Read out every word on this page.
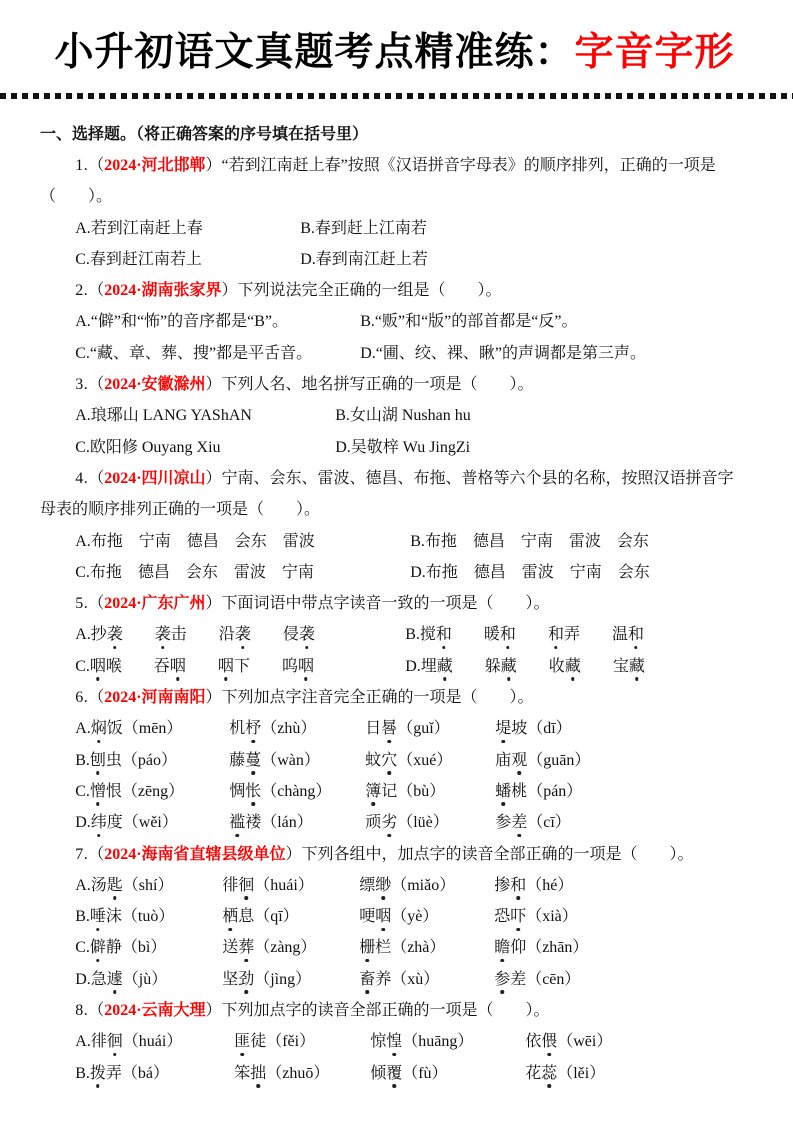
小升初语文真题考点精准练：字音字形
一、选择题。（将正确答案的序号填在括号里）

1.（2024·河北邯郸）“若到江南赶上春”按照《汉语拼音字母表》的顺序排列，正确的一项是（　　）。

A.若到江南赶上春	B.春到赶上江南若
C.春到赶江南若上	D.春到南江赶上若

2.（2024·湖南张家界）下列说法完全正确的一组是（　　）。

A.“僻”和“怖”的音序都是“B”。	B.“贩”和“版”的部首都是“反”。
C.“藏、章、葬、搜”都是平舌音。	D.“圃、绞、裸、瞅”的声调都是第三声。

3.（2024·安徽滁州）下列人名、地名拼写正确的一项是（　　）。

A.琅琊山 LANG YAShAN	B.女山湖 Nushan hu
C.欧阳修 Ouyang Xiu	D.吴敬梓 Wu JingZi

4.（2024·四川凉山）宁南、会东、雷波、德昌、布拖、普格等六个县的名称，按照汉语拼音字母表的顺序排列正确的一项是（　　）。

A.布拖　宁南　德昌　会东　雷波	B.布拖　德昌　宁南　雷波　会东
C.布拖　德昌　会东　雷波　宁南	D.布拖　德昌　雷波　宁南　会东

5.（2024·广东广州）下面词语中带点字读音一致的一项是（　　）。

A.抄袭　　 袭击　　沿袭　　侵袭	B.搅和　　暖和　　 和弄　　温和
C.咽喉　　吞咽　　 咽下　　呜咽	D.埋藏　　躲藏　　收藏　　宝藏

6.（2024·河南南阳）下列加点字注音完全正确的一项是（　　）。

A.焖饭（mēn）	机杼（zhù）	日晷（guǐ）	堤坡（dī）
B.刨虫（páo）	藤蔓（wàn）	蚊穴（xué）	庙观（guān）
C.憎恨（zēng）	惆怅（chàng）	簿记（bù）	蟠桃（pán）
D.纬度（wěi）	褴褛（lán）	顽劣（lüè）	参差（cī）

7.（2024·海南省直辖县级单位）下列各组中，加点字的读音全部正确的一项是（　　）。

A.汤匙（shí）	徘徊（huái）	缥缈（miǎo）	掺和（hé）
B.唾沫（tuò）	栖息（qī）	哽咽（yè）	恐吓（xià）
C.僻静（bì）	送葬（zàng）	栅栏（zhà）	瞻仰（zhān）
D.急遽（jù）	坚劲（jìng）	畜养（xù）	参差（cēn）

8.（2024·云南大理）下列加点字的读音全部正确的一项是（　　）。

A.徘徊（huái）	匪徒（fěi）	惊惶（huāng）	依偎（wēi）
B.拨弄（bá）	笨拙（zhuō）	倾覆（fù）	花蕊（lěi）
